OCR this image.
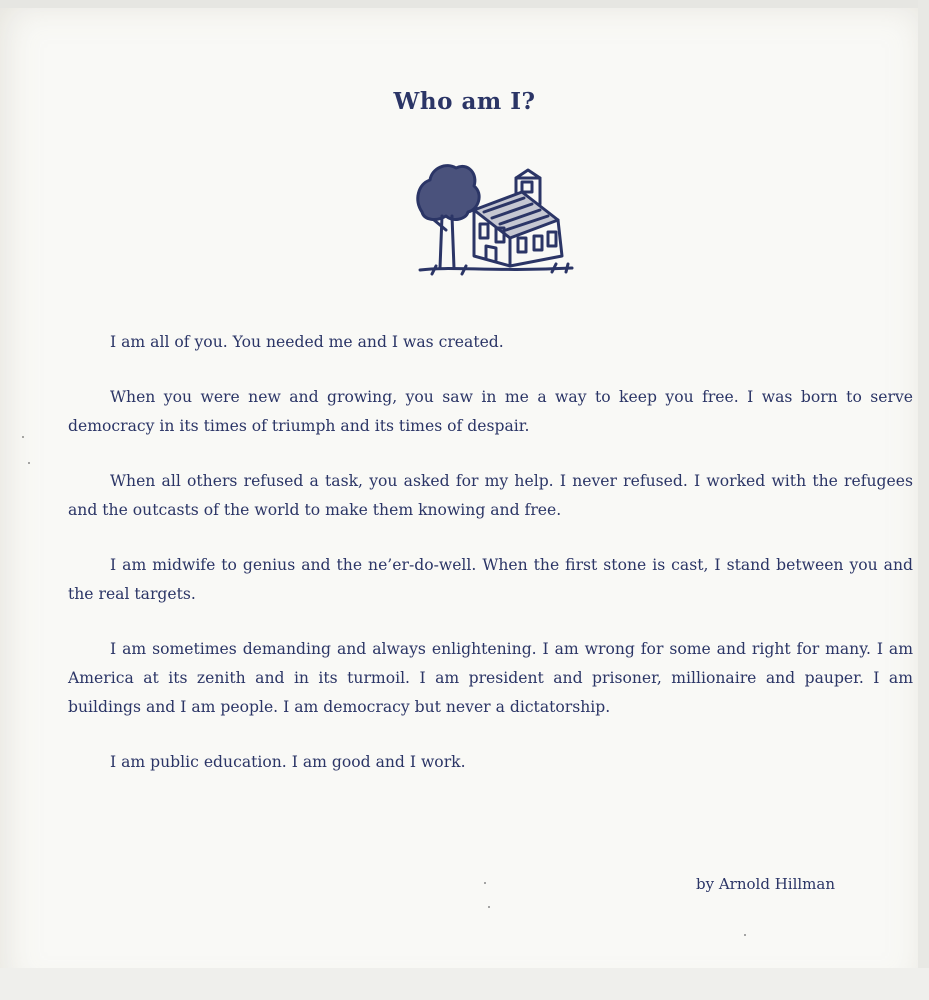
Who am I?

I am all of you. You needed me and I was created.

When you were new and growing, you saw in me a way to keep you free. I was born to serve democracy in its times of triumph and its times of despair.

When all others refused a task, you asked for my help. I never refused. I worked with the refugees and the outcasts of the world to make them knowing and free.

I am midwife to genius and the ne’er-do-well. When the first stone is cast, I stand between you and the real targets.

I am sometimes demanding and always enlightening. I am wrong for some and right for many. I am America at its zenith and in its turmoil. I am president and prisoner, millionaire and pauper. I am buildings and I am people. I am democracy but never a dictatorship.

I am public education. I am good and I work.

by Arnold Hillman
